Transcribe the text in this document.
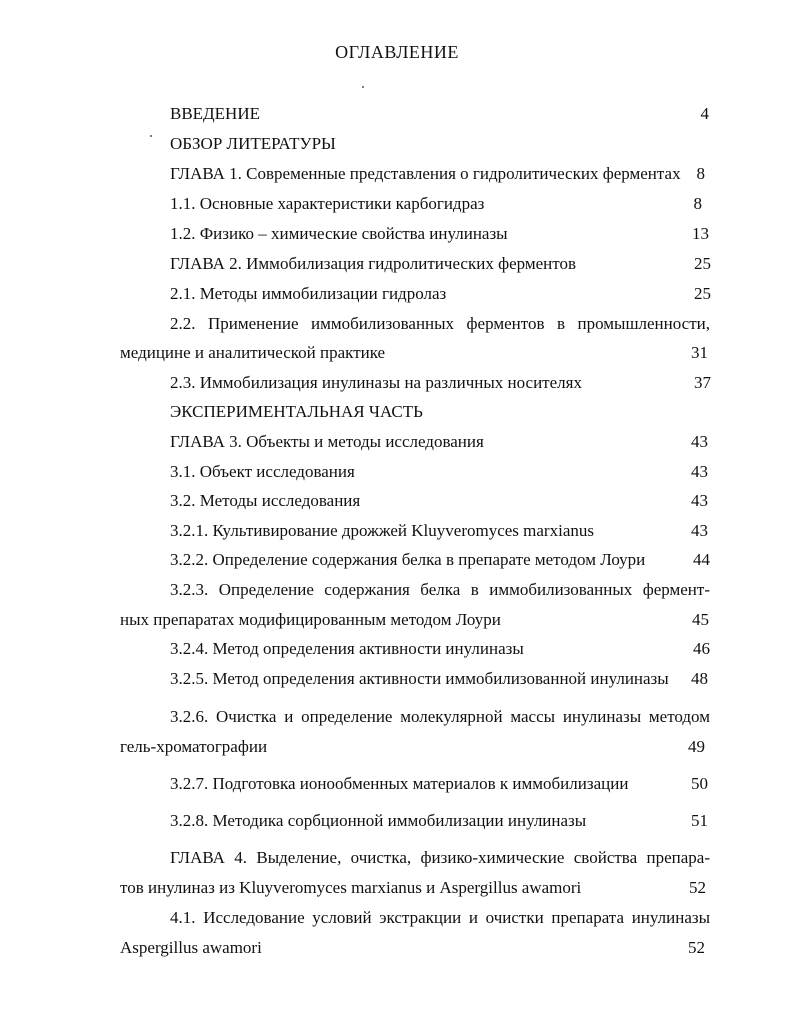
ОГЛАВЛЕНИЕ
ВВЕДЕНИЕ	4
ОБЗОР ЛИТЕРАТУРЫ
ГЛАВА 1. Современные представления о гидролитических ферментах 8
1.1. Основные характеристики карбогидраз	8
1.2. Физико – химические свойства инулиназы	13
ГЛАВА 2. Иммобилизация гидролитических ферментов	25
2.1. Методы иммобилизации гидролаз	25
2.2. Применение иммобилизованных ферментов в промышленности,
медицине и аналитической практике	31
2.3. Иммобилизация инулиназы на различных носителях	37
ЭКСПЕРИМЕНТАЛЬНАЯ ЧАСТЬ
ГЛАВА 3. Объекты и методы исследования	43
3.1. Объект исследования	43
3.2. Методы исследования	43
3.2.1. Культивирование дрожжей Kluyveromyces marxianus	43
3.2.2. Определение содержания белка в препарате методом Лоури	44
3.2.3. Определение содержания белка в иммобилизованных фермент-
ных препаратах модифицированным методом Лоури	45
3.2.4. Метод определения активности инулиназы	46
3.2.5. Метод определения активности иммобилизованной инулиназы	48
3.2.6. Очистка и определение молекулярной массы инулиназы методом
гель-хроматографии	49
3.2.7. Подготовка ионообменных материалов к иммобилизации	50
3.2.8. Методика сорбционной иммобилизации инулиназы	51
ГЛАВА 4. Выделение, очистка, физико-химические свойства препара-
тов инулиназ из Kluyveromyces marxianus и Aspergillus awamori	52
4.1. Исследование условий экстракции и очистки препарата инулиназы
Aspergillus awamori	52
